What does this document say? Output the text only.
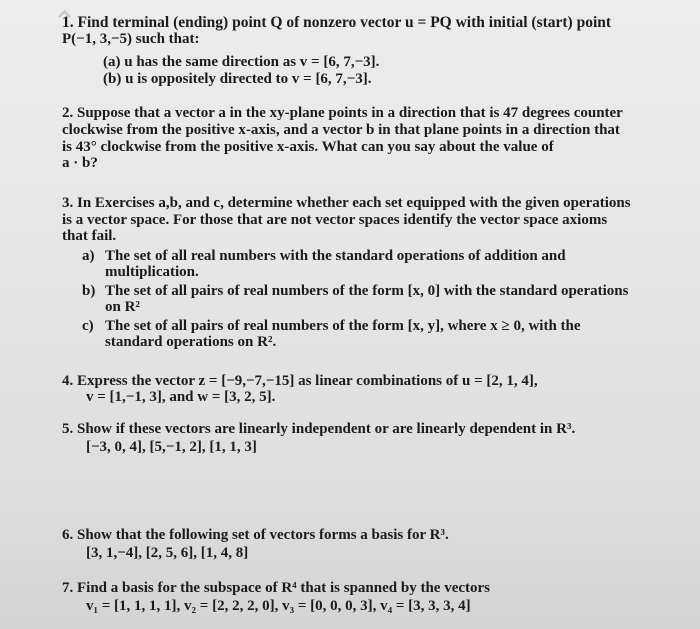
1. Find terminal (ending) point Q of nonzero vector u = PQ with initial (start) point
P(−1, 3,−5) such that:
(a) u has the same direction as v = [6, 7,−3].
(b) u is oppositely directed to v = [6, 7,−3].
2. Suppose that a vector a in the xy-plane points in a direction that is 47 degrees counter
clockwise from the positive x-axis, and a vector b in that plane points in a direction that
is 43° clockwise from the positive x-axis. What can you say about the value of
a · b?
3. In Exercises a,b, and c, determine whether each set equipped with the given operations
is a vector space. For those that are not vector spaces identify the vector space axioms
that fail.
a) The set of all real numbers with the standard operations of addition and
multiplication.
b) The set of all pairs of real numbers of the form [x, 0] with the standard operations
on R²
c) The set of all pairs of real numbers of the form [x, y], where x ≥ 0, with the
standard operations on R².
4. Express the vector z = [−9,−7,−15] as linear combinations of u = [2, 1, 4],
v = [1,−1, 3], and w = [3, 2, 5].
5. Show if these vectors are linearly independent or are linearly dependent in R³.
[−3, 0, 4], [5,−1, 2], [1, 1, 3]
6. Show that the following set of vectors forms a basis for R³.
[3, 1,−4], [2, 5, 6], [1, 4, 8]
7. Find a basis for the subspace of R⁴ that is spanned by the vectors
v₁ = [1, 1, 1, 1], v₂ = [2, 2, 2, 0], v₃ = [0, 0, 0, 3], v₄ = [3, 3, 3, 4]
